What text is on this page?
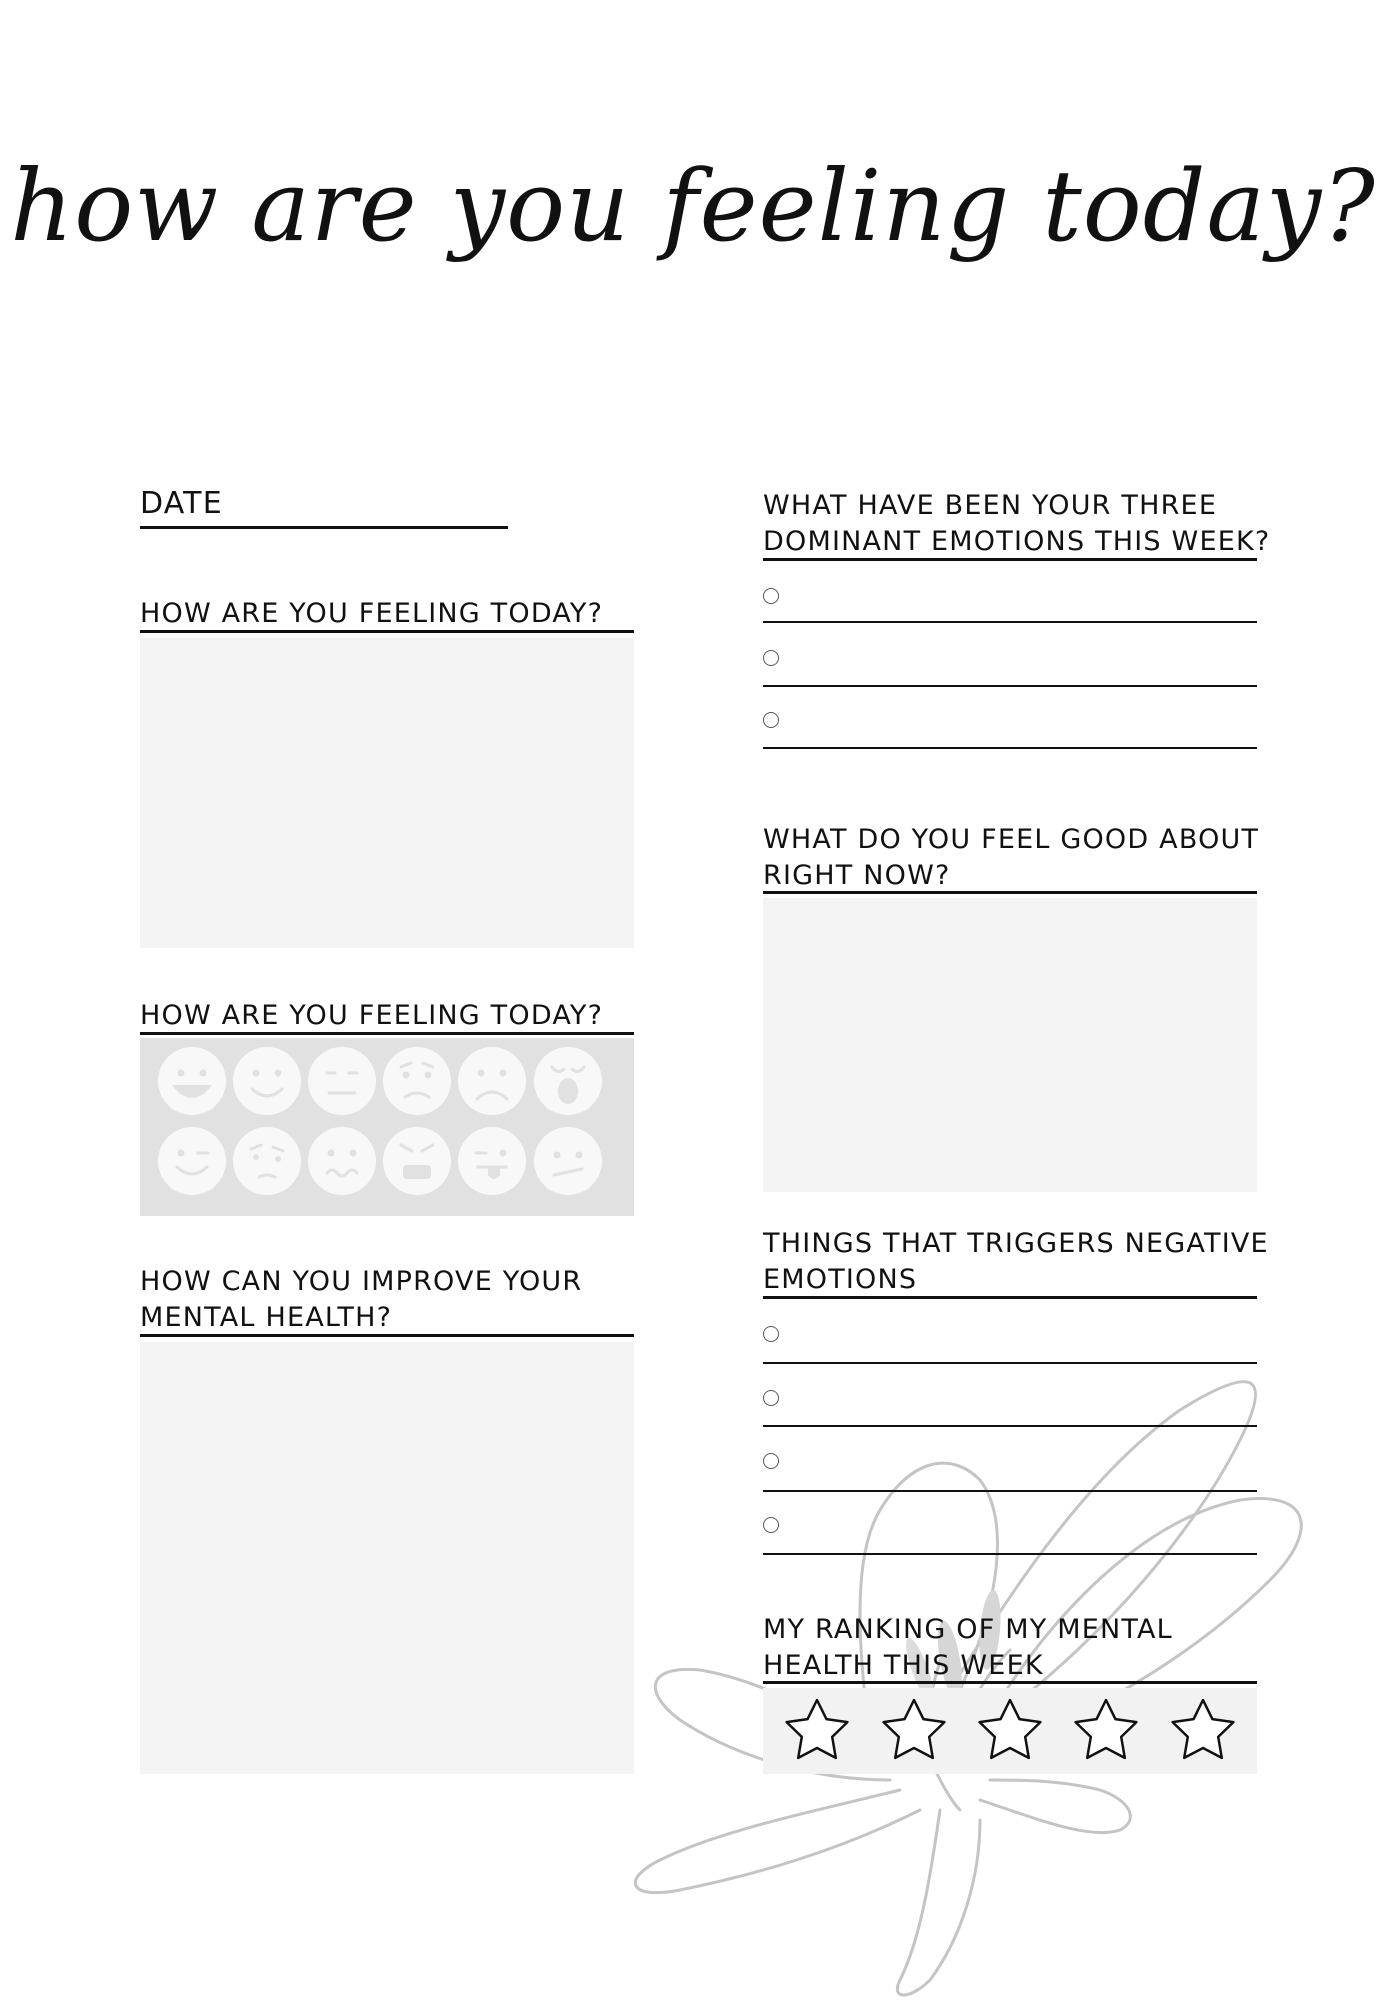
how are you feeling today?
DATE
HOW ARE YOU FEELING TODAY?
HOW ARE YOU FEELING TODAY?
HOW CAN YOU IMPROVE YOUR
MENTAL HEALTH?
WHAT HAVE BEEN YOUR THREE
DOMINANT EMOTIONS THIS WEEK?
WHAT DO YOU FEEL GOOD ABOUT
RIGHT NOW?
THINGS THAT TRIGGERS NEGATIVE
EMOTIONS
MY RANKING OF MY MENTAL
HEALTH THIS WEEK
